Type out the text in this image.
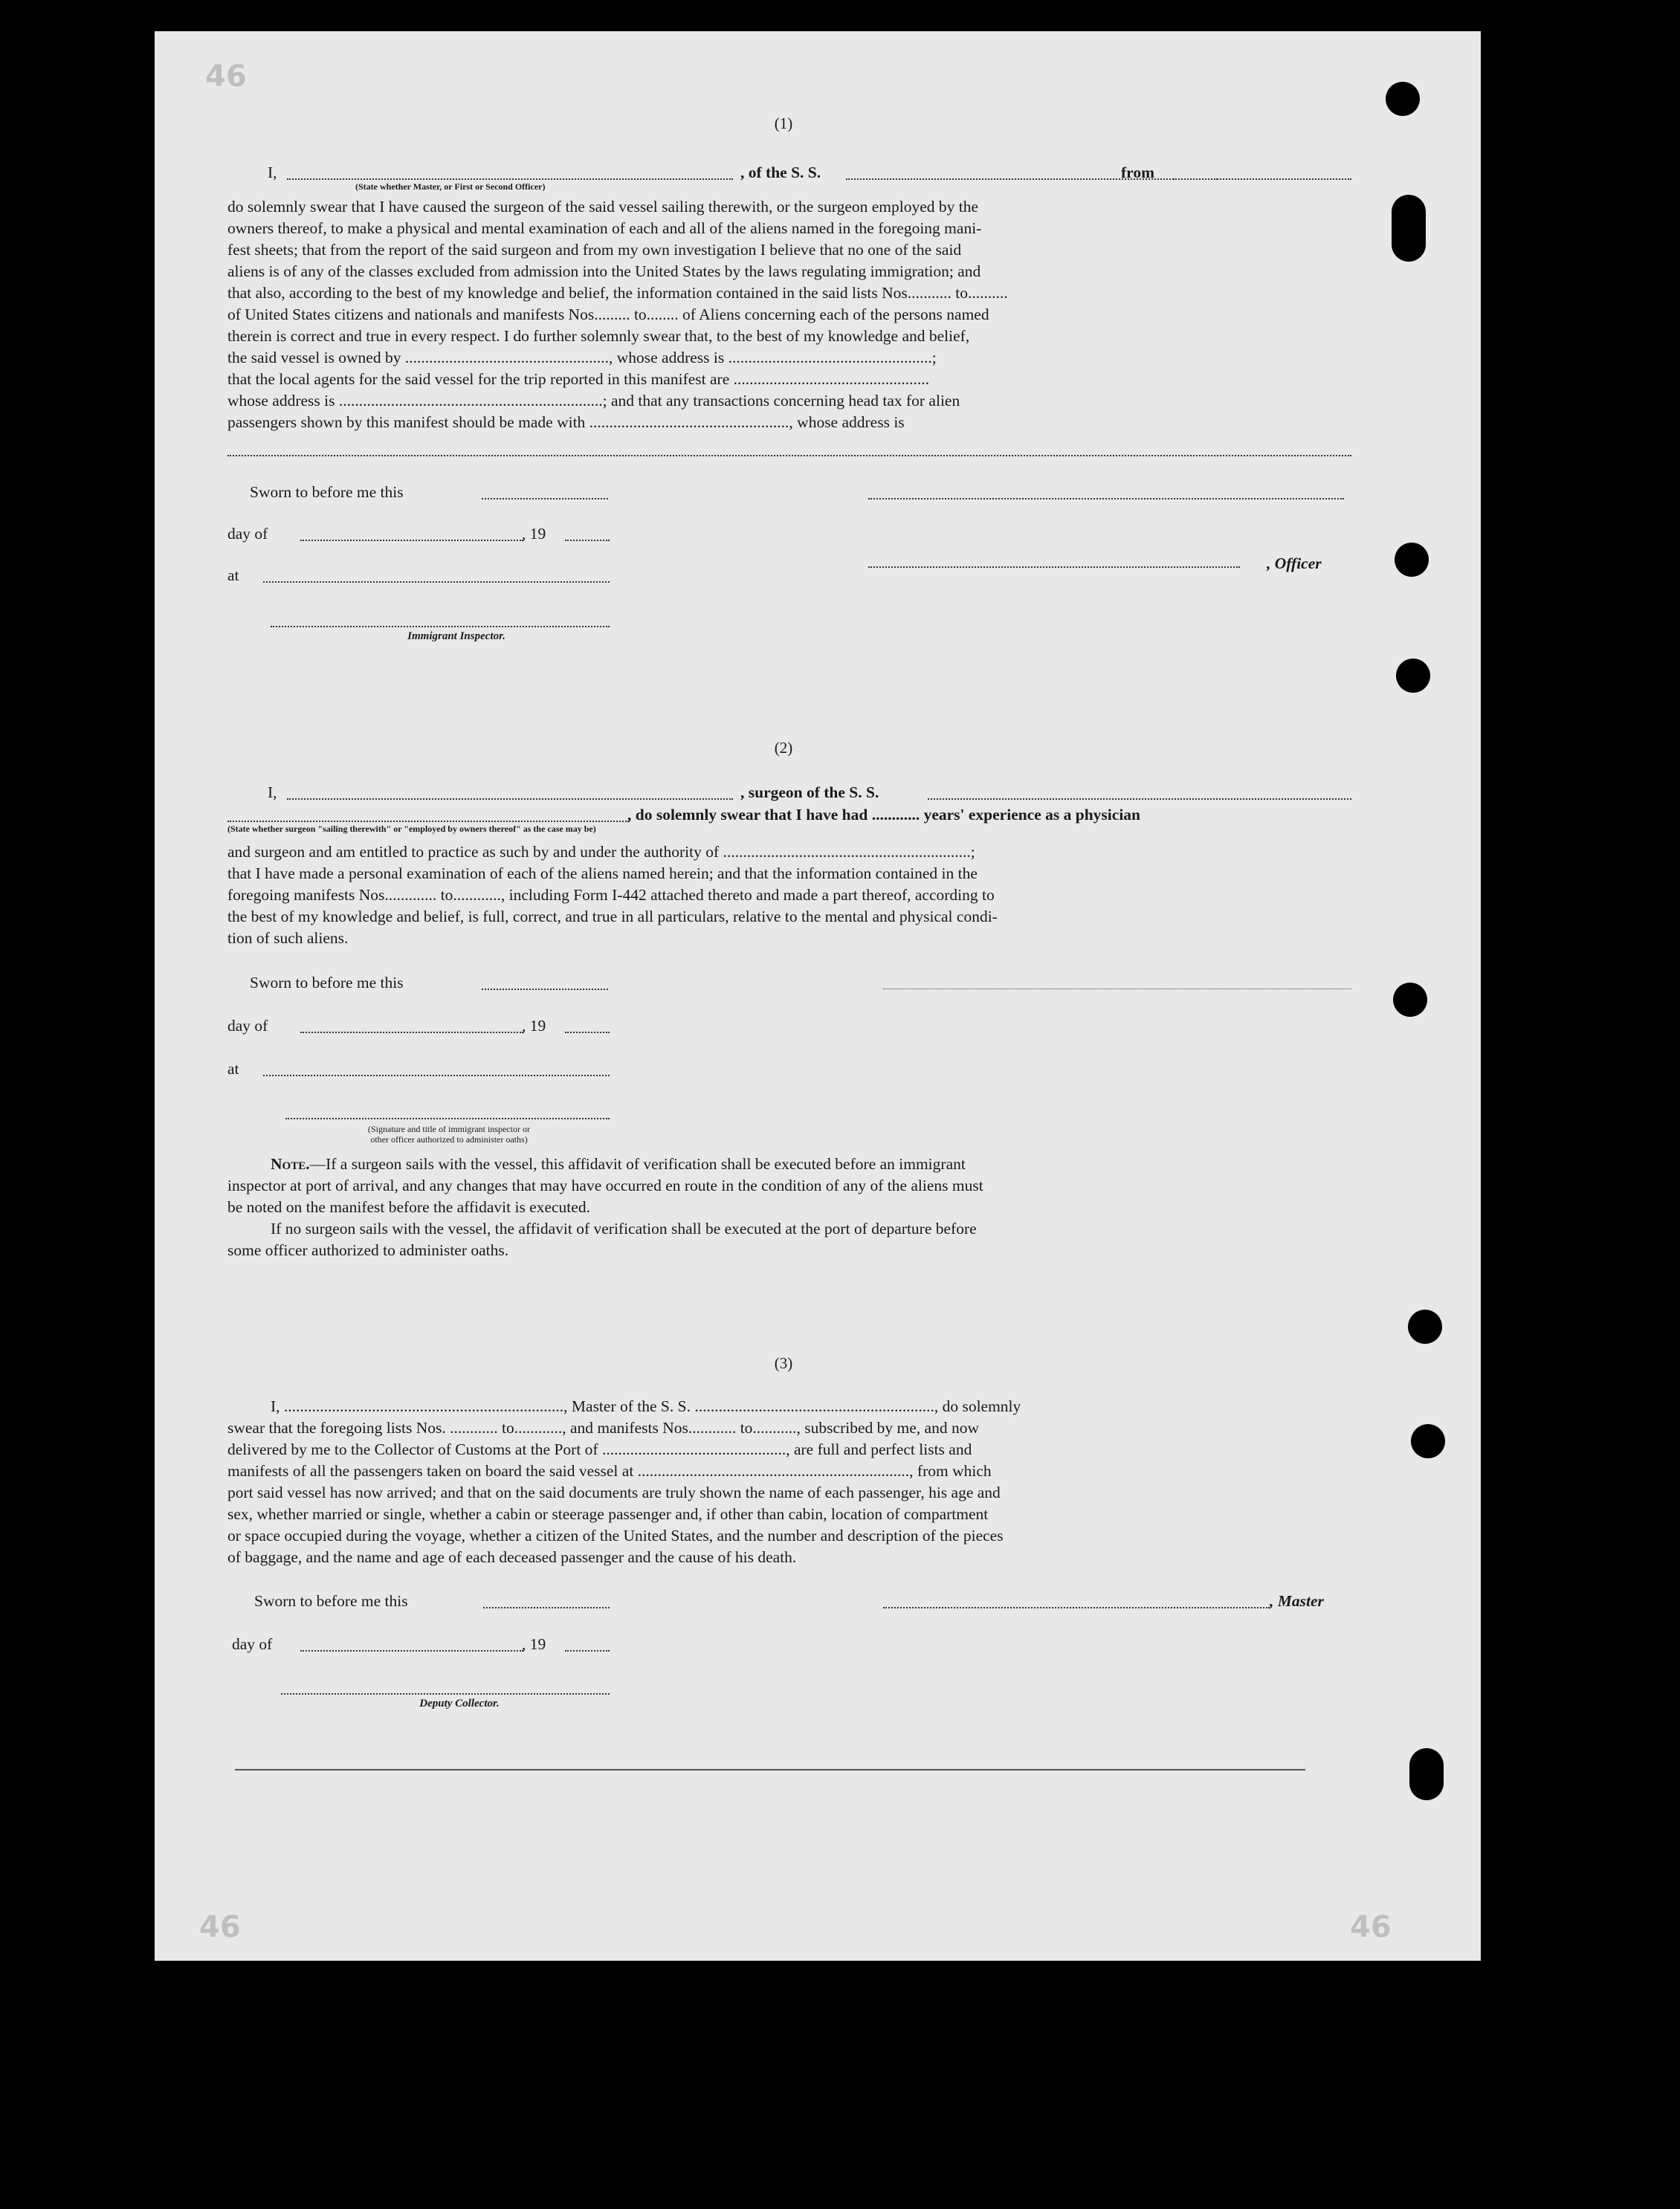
46
46	46
(1)
I,	, of the S. S.	from
(State whether Master, or First or Second Officer)
do solemnly swear that I have caused the surgeon of the said vessel sailing therewith, or the surgeon employed by the
owners thereof, to make a physical and mental examination of each and all of the aliens named in the foregoing mani-
fest sheets; that from the report of the said surgeon and from my own investigation I believe that no one of the said
aliens is of any of the classes excluded from admission into the United States by the laws regulating immigration; and
that also, according to the best of my knowledge and belief, the information contained in the said lists Nos........... to..........
of United States citizens and nationals and manifests Nos......... to........ of Aliens concerning each of the persons named
therein is correct and true in every respect. I do further solemnly swear that, to the best of my knowledge and belief,
the said vessel is owned by ..................................................., whose address is ...................................................;
that the local agents for the said vessel for the trip reported in this manifest are .................................................
whose address is ..................................................................; and that any transactions concerning head tax for alien
passengers shown by this manifest should be made with .................................................., whose address is
Sworn to before me this
day of	, 19
, Officer
at
Immigrant Inspector.
(2)
I,	, surgeon of the S. S.
, do solemnly swear that I have had ............ years' experience as a physician
(State whether surgeon "sailing therewith" or "employed by owners thereof" as the case may be)
and surgeon and am entitled to practice as such by and under the authority of ..............................................................;
that I have made a personal examination of each of the aliens named herein; and that the information contained in the
foregoing manifests Nos............. to............, including Form I-442 attached thereto and made a part thereof, according to
the best of my knowledge and belief, is full, correct, and true in all particulars, relative to the mental and physical condi-
tion of such aliens.
Sworn to before me this
day of	, 19
at
(Signature and title of immigrant inspector or
other officer authorized to administer oaths)
Note.—If a surgeon sails with the vessel, this affidavit of verification shall be executed before an immigrant
inspector at port of arrival, and any changes that may have occurred en route in the condition of any of the aliens must
be noted on the manifest before the affidavit is executed.
If no surgeon sails with the vessel, the affidavit of verification shall be executed at the port of departure before
some officer authorized to administer oaths.
(3)
I, ......................................................................, Master of the S. S. ............................................................, do solemnly
swear that the foregoing lists Nos. ............ to............, and manifests Nos............ to..........., subscribed by me, and now
delivered by me to the Collector of Customs at the Port of .............................................., are full and perfect lists and
manifests of all the passengers taken on board the said vessel at ...................................................................., from which
port said vessel has now arrived; and that on the said documents are truly shown the name of each passenger, his age and
sex, whether married or single, whether a cabin or steerage passenger and, if other than cabin, location of compartment
or space occupied during the voyage, whether a citizen of the United States, and the number and description of the pieces
of baggage, and the name and age of each deceased passenger and the cause of his death.
Sworn to before me this	, Master
day of	, 19
Deputy Collector.
